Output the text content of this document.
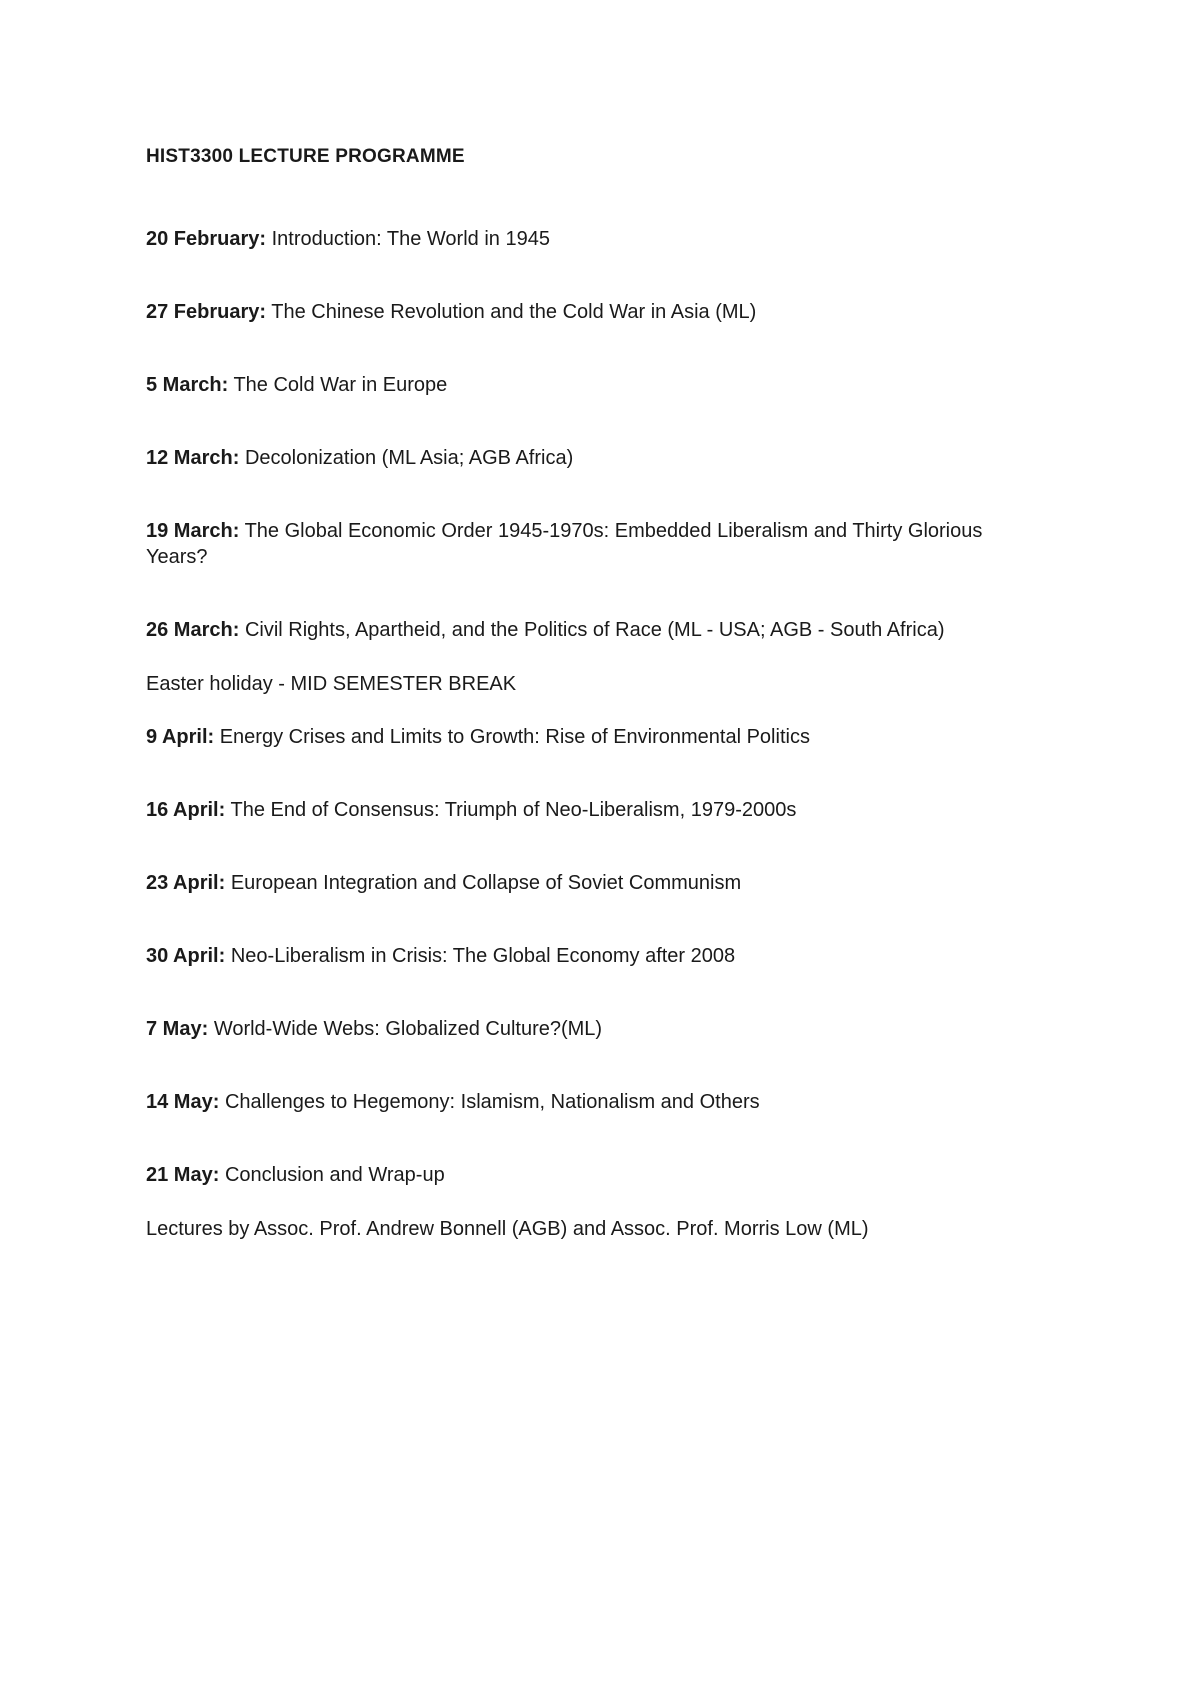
HIST3300 LECTURE PROGRAMME
20 February: Introduction: The World in 1945
27 February: The Chinese Revolution and the Cold War in Asia (ML)
5 March: The Cold War in Europe
12 March: Decolonization (ML Asia; AGB Africa)
19 March: The Global Economic Order 1945-1970s: Embedded Liberalism and Thirty Glorious Years?
26 March: Civil Rights, Apartheid, and the Politics of Race (ML - USA; AGB - South Africa)
Easter holiday - MID SEMESTER BREAK
9 April: Energy Crises and Limits to Growth: Rise of Environmental Politics
16 April: The End of Consensus: Triumph of Neo-Liberalism, 1979-2000s
23 April: European Integration and Collapse of Soviet Communism
30 April: Neo-Liberalism in Crisis: The Global Economy after 2008
7 May: World-Wide Webs: Globalized Culture?(ML)
14 May: Challenges to Hegemony: Islamism, Nationalism and Others
21 May: Conclusion and Wrap-up
Lectures by Assoc. Prof. Andrew Bonnell (AGB) and Assoc. Prof. Morris Low (ML)
